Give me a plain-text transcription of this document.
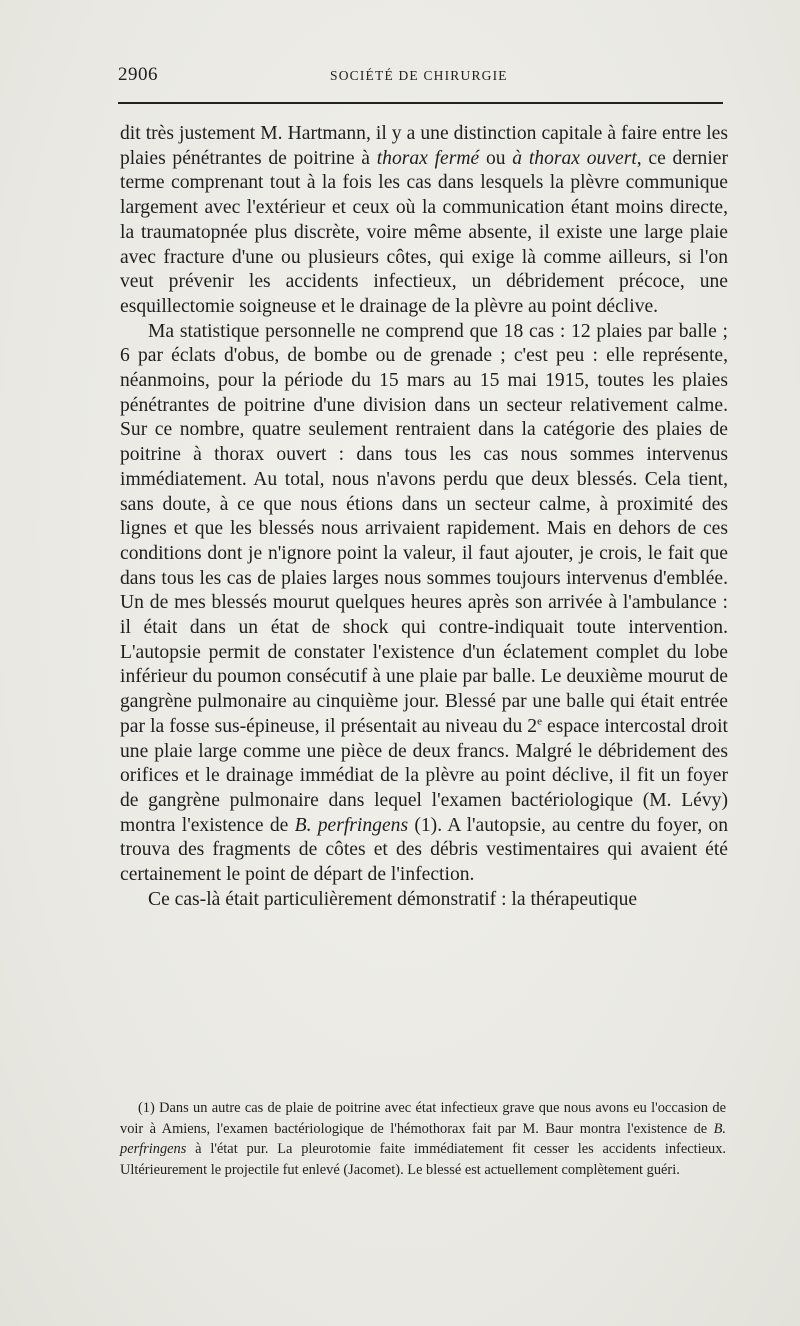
2906	SOCIÉTÉ DE CHIRURGIE

dit très justement M. Hartmann, il y a une distinction capitale à faire entre les plaies pénétrantes de poitrine à thorax fermé ou à thorax ouvert, ce dernier terme comprenant tout à la fois les cas dans lesquels la plèvre communique largement avec l'extérieur et ceux où la communication étant moins directe, la traumatopnée plus discrète, voire même absente, il existe une large plaie avec fracture d'une ou plusieurs côtes, qui exige là comme ailleurs, si l'on veut prévenir les accidents infectieux, un débridement précoce, une esquillectomie soigneuse et le drainage de la plèvre au point déclive.

Ma statistique personnelle ne comprend que 18 cas : 12 plaies par balle ; 6 par éclats d'obus, de bombe ou de grenade ; c'est peu : elle représente, néanmoins, pour la période du 15 mars au 15 mai 1915, toutes les plaies pénétrantes de poitrine d'une division dans un secteur relativement calme. Sur ce nombre, quatre seulement rentraient dans la catégorie des plaies de poitrine à thorax ouvert : dans tous les cas nous sommes intervenus immédiatement. Au total, nous n'avons perdu que deux blessés. Cela tient, sans doute, à ce que nous étions dans un secteur calme, à proximité des lignes et que les blessés nous arrivaient rapidement. Mais en dehors de ces conditions dont je n'ignore point la valeur, il faut ajouter, je crois, le fait que dans tous les cas de plaies larges nous sommes toujours intervenus d'emblée. Un de mes blessés mourut quelques heures après son arrivée à l'ambulance : il était dans un état de shock qui contre-indiquait toute intervention. L'autopsie permit de constater l'existence d'un éclatement complet du lobe inférieur du poumon consécutif à une plaie par balle. Le deuxième mourut de gangrène pulmonaire au cinquième jour. Blessé par une balle qui était entrée par la fosse sus-épineuse, il présentait au niveau du 2e espace intercostal droit une plaie large comme une pièce de deux francs. Malgré le débridement des orifices et le drainage immédiat de la plèvre au point déclive, il fit un foyer de gangrène pulmonaire dans lequel l'examen bactériologique (M. Lévy) montra l'existence de B. perfringens (1). A l'autopsie, au centre du foyer, on trouva des fragments de côtes et des débris vestimentaires qui avaient été certainement le point de départ de l'infection.

Ce cas-là était particulièrement démonstratif : la thérapeutique

(1) Dans un autre cas de plaie de poitrine avec état infectieux grave que nous avons eu l'occasion de voir à Amiens, l'examen bactériologique de l'hémothorax fait par M. Baur montra l'existence de B. perfringens à l'état pur. La pleurotomie faite immédiatement fit cesser les accidents infectieux. Ultérieurement le projectile fut enlevé (Jacomet). Le blessé est actuellement complètement guéri.
